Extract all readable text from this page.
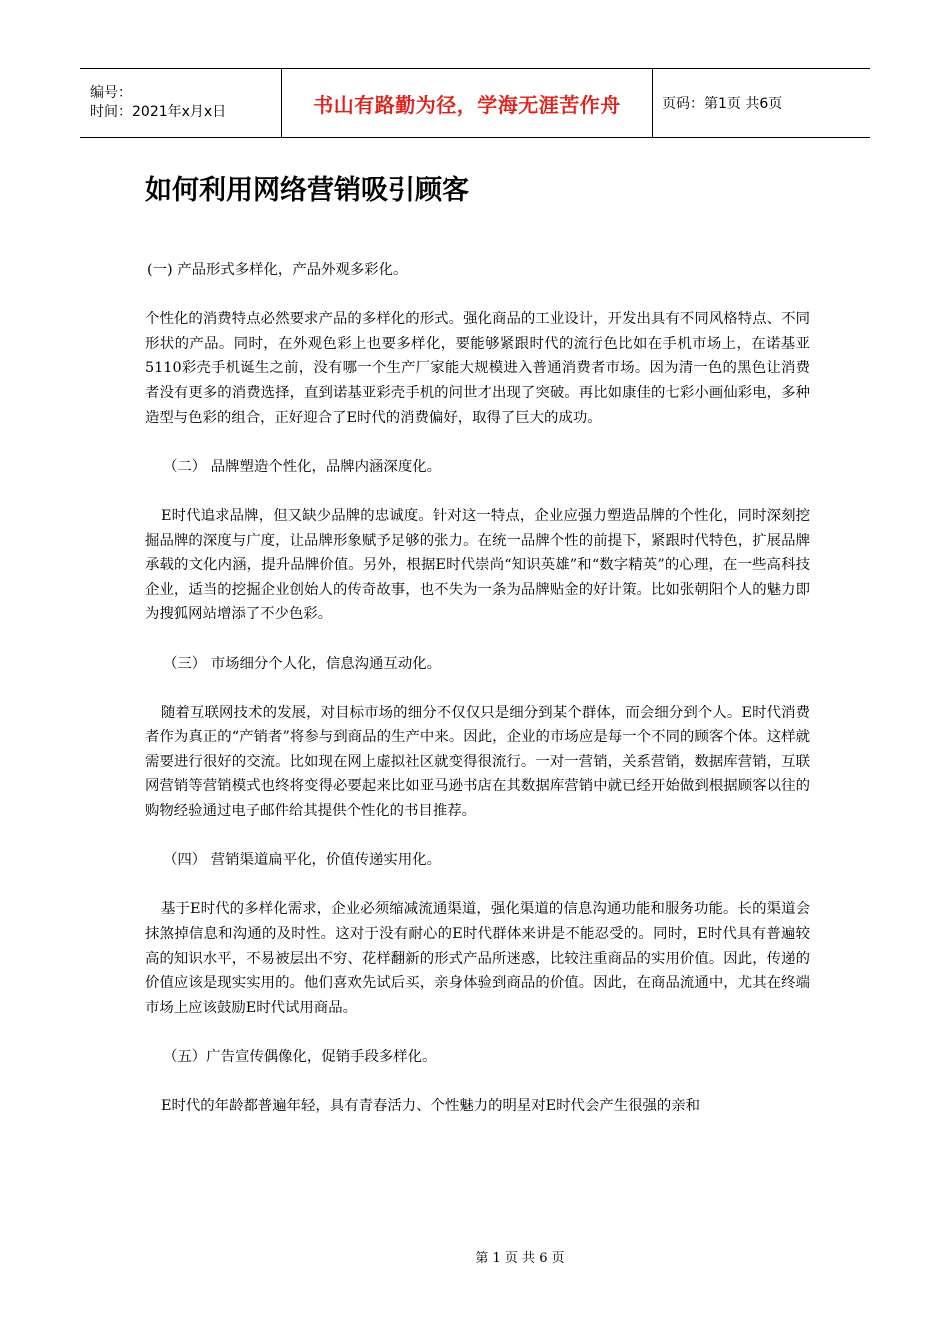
编号：
时间：2021年x月x日	书山有路勤为径，学海无涯苦作舟	页码：第1页 共6页
如何利用网络营销吸引顾客

(一) 产品形式多样化，产品外观多彩化。

个性化的消费特点必然要求产品的多样化的形式。强化商品的工业设计，开发出具有不同风格特点、不同形状的产品。同时，在外观色彩上也要多样化，要能够紧跟时代的流行色比如在手机市场上，在诺基亚5110彩壳手机诞生之前，没有哪一个生产厂家能大规模进入普通消费者市场。因为清一色的黑色让消费者没有更多的消费选择，直到诺基亚彩壳手机的问世才出现了突破。再比如康佳的七彩小画仙彩电，多种造型与色彩的组合，正好迎合了E时代的消费偏好，取得了巨大的成功。

（二） 品牌塑造个性化，品牌内涵深度化。

E时代追求品牌，但又缺少品牌的忠诚度。针对这一特点，企业应强力塑造品牌的个性化，同时深刻挖掘品牌的深度与广度，让品牌形象赋予足够的张力。在统一品牌个性的前提下，紧跟时代特色，扩展品牌承载的文化内涵，提升品牌价值。另外，根据E时代崇尚“知识英雄”和“数字精英”的心理，在一些高科技企业，适当的挖掘企业创始人的传奇故事，也不失为一条为品牌贴金的好计策。比如张朝阳个人的魅力即为搜狐网站增添了不少色彩。

（三） 市场细分个人化，信息沟通互动化。

随着互联网技术的发展，对目标市场的细分不仅仅只是细分到某个群体，而会细分到个人。E时代消费者作为真正的“产销者”将参与到商品的生产中来。因此，企业的市场应是每一个不同的顾客个体。这样就需要进行很好的交流。比如现在网上虚拟社区就变得很流行。一对一营销，关系营销，数据库营销，互联网营销等营销模式也终将变得必要起来比如亚马逊书店在其数据库营销中就已经开始做到根据顾客以往的购物经验通过电子邮件给其提供个性化的书目推荐。

（四） 营销渠道扁平化，价值传递实用化。

基于E时代的多样化需求，企业必须缩减流通渠道，强化渠道的信息沟通功能和服务功能。长的渠道会抹煞掉信息和沟通的及时性。这对于没有耐心的E时代群体来讲是不能忍受的。同时，E时代具有普遍较高的知识水平，不易被层出不穷、花样翻新的形式产品所迷惑，比较注重商品的实用价值。因此，传递的价值应该是现实实用的。他们喜欢先试后买，亲身体验到商品的价值。因此，在商品流通中，尤其在终端市场上应该鼓励E时代试用商品。

（五）广告宣传偶像化，促销手段多样化。

E时代的年龄都普遍年轻，具有青春活力、个性魅力的明星对E时代会产生很强的亲和

第 1 页 共 6 页
